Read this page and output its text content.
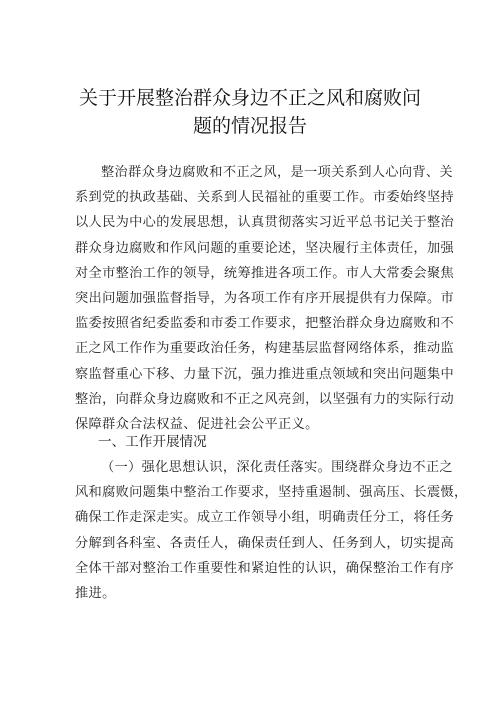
关于开展整治群众身边不正之风和腐败问
题的情况报告

整治群众身边腐败和不正之风，是一项关系到人心向背、关
系到党的执政基础、关系到人民福祉的重要工作。市委始终坚持
以人民为中心的发展思想，认真贯彻落实习近平总书记关于整治
群众身边腐败和作风问题的重要论述，坚决履行主体责任，加强
对全市整治工作的领导，统筹推进各项工作。市人大常委会聚焦
突出问题加强监督指导，为各项工作有序开展提供有力保障。市
监委按照省纪委监委和市委工作要求，把整治群众身边腐败和不
正之风工作作为重要政治任务，构建基层监督网络体系，推动监
察监督重心下移、力量下沉，强力推进重点领域和突出问题集中
整治，向群众身边腐败和不正之风亮剑，以坚强有力的实际行动
保障群众合法权益、促进社会公平正义。

一、工作开展情况

（一）强化思想认识，深化责任落实。围绕群众身边不正之
风和腐败问题集中整治工作要求，坚持重遏制、强高压、长震慑，
确保工作走深走实。成立工作领导小组，明确责任分工，将任务
分解到各科室、各责任人，确保责任到人、任务到人，切实提高
全体干部对整治工作重要性和紧迫性的认识，确保整治工作有序
推进。
